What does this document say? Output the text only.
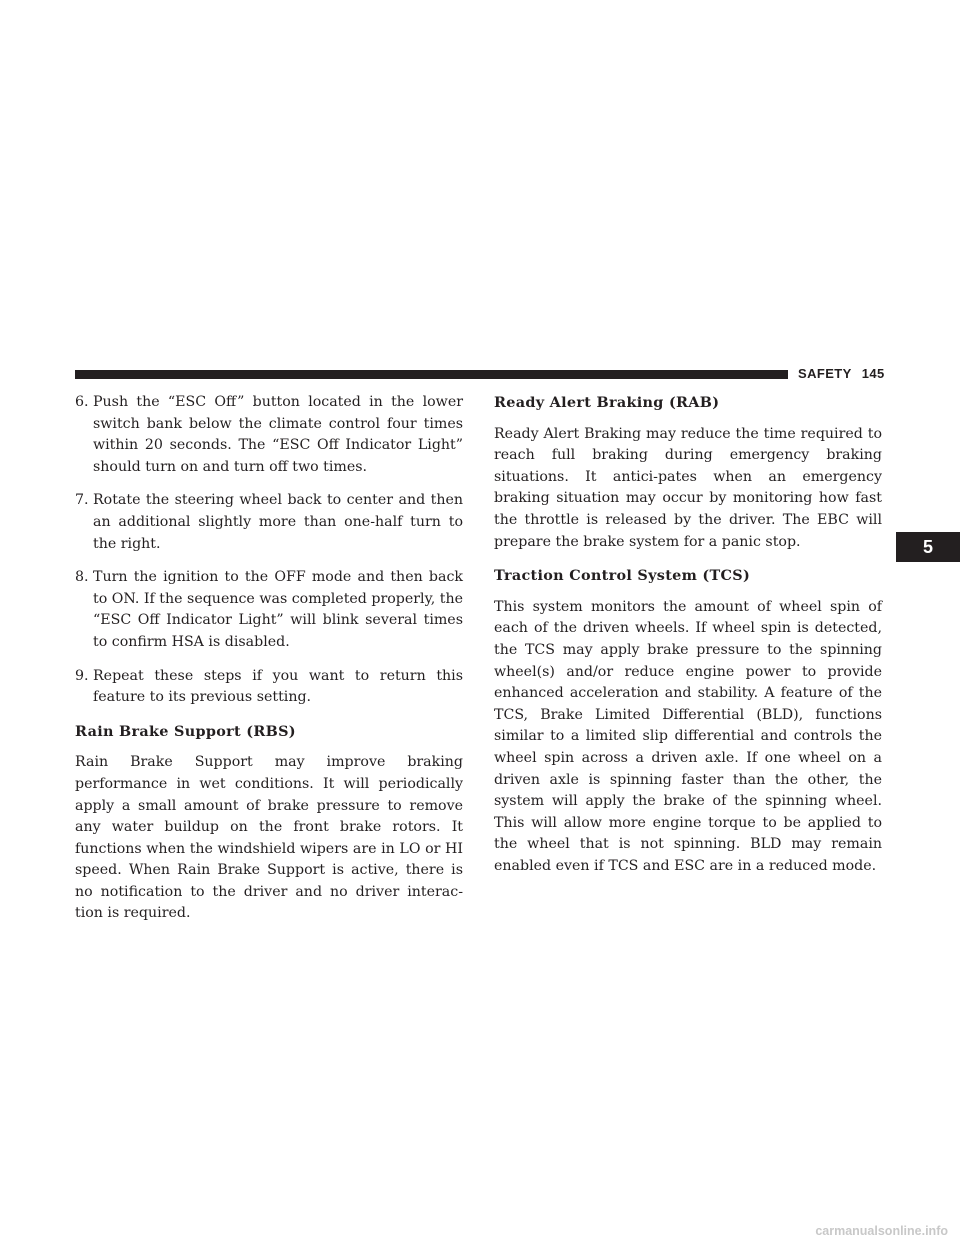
SAFETY 145
5
6. Push the “ESC Off” button located in the lower switch bank below the climate control four times within 20 seconds. The “ESC Off Indicator Light” should turn on and turn off two times.
7. Rotate the steering wheel back to center and then an additional slightly more than one-half turn to the right.
8. Turn the ignition to the OFF mode and then back to ON. If the sequence was completed properly, the “ESC Off Indicator Light” will blink several times to confirm HSA is disabled.
9. Repeat these steps if you want to return this feature to its previous setting.
Rain Brake Support (RBS)

Rain Brake Support may improve braking performance in wet conditions. It will periodically apply a small amount of brake pressure to remove any water buildup on the front brake rotors. It functions when the windshield wipers are in LO or HI speed. When Rain Brake Support is active, there is no notification to the driver and no driver interac-tion is required.

Ready Alert Braking (RAB)

Ready Alert Braking may reduce the time required to reach full braking during emergency braking situations. It antici-pates when an emergency braking situation may occur by monitoring how fast the throttle is released by the driver. The EBC will prepare the brake system for a panic stop.

Traction Control System (TCS)

This system monitors the amount of wheel spin of each of the driven wheels. If wheel spin is detected, the TCS may apply brake pressure to the spinning wheel(s) and/or reduce engine power to provide enhanced acceleration and stability. A feature of the TCS, Brake Limited Differential (BLD), functions similar to a limited slip differential and controls the wheel spin across a driven axle. If one wheel on a driven axle is spinning faster than the other, the system will apply the brake of the spinning wheel. This will allow more engine torque to be applied to the wheel that is not spinning. BLD may remain enabled even if TCS and ESC are in a reduced mode.

carmanualsonline.info
